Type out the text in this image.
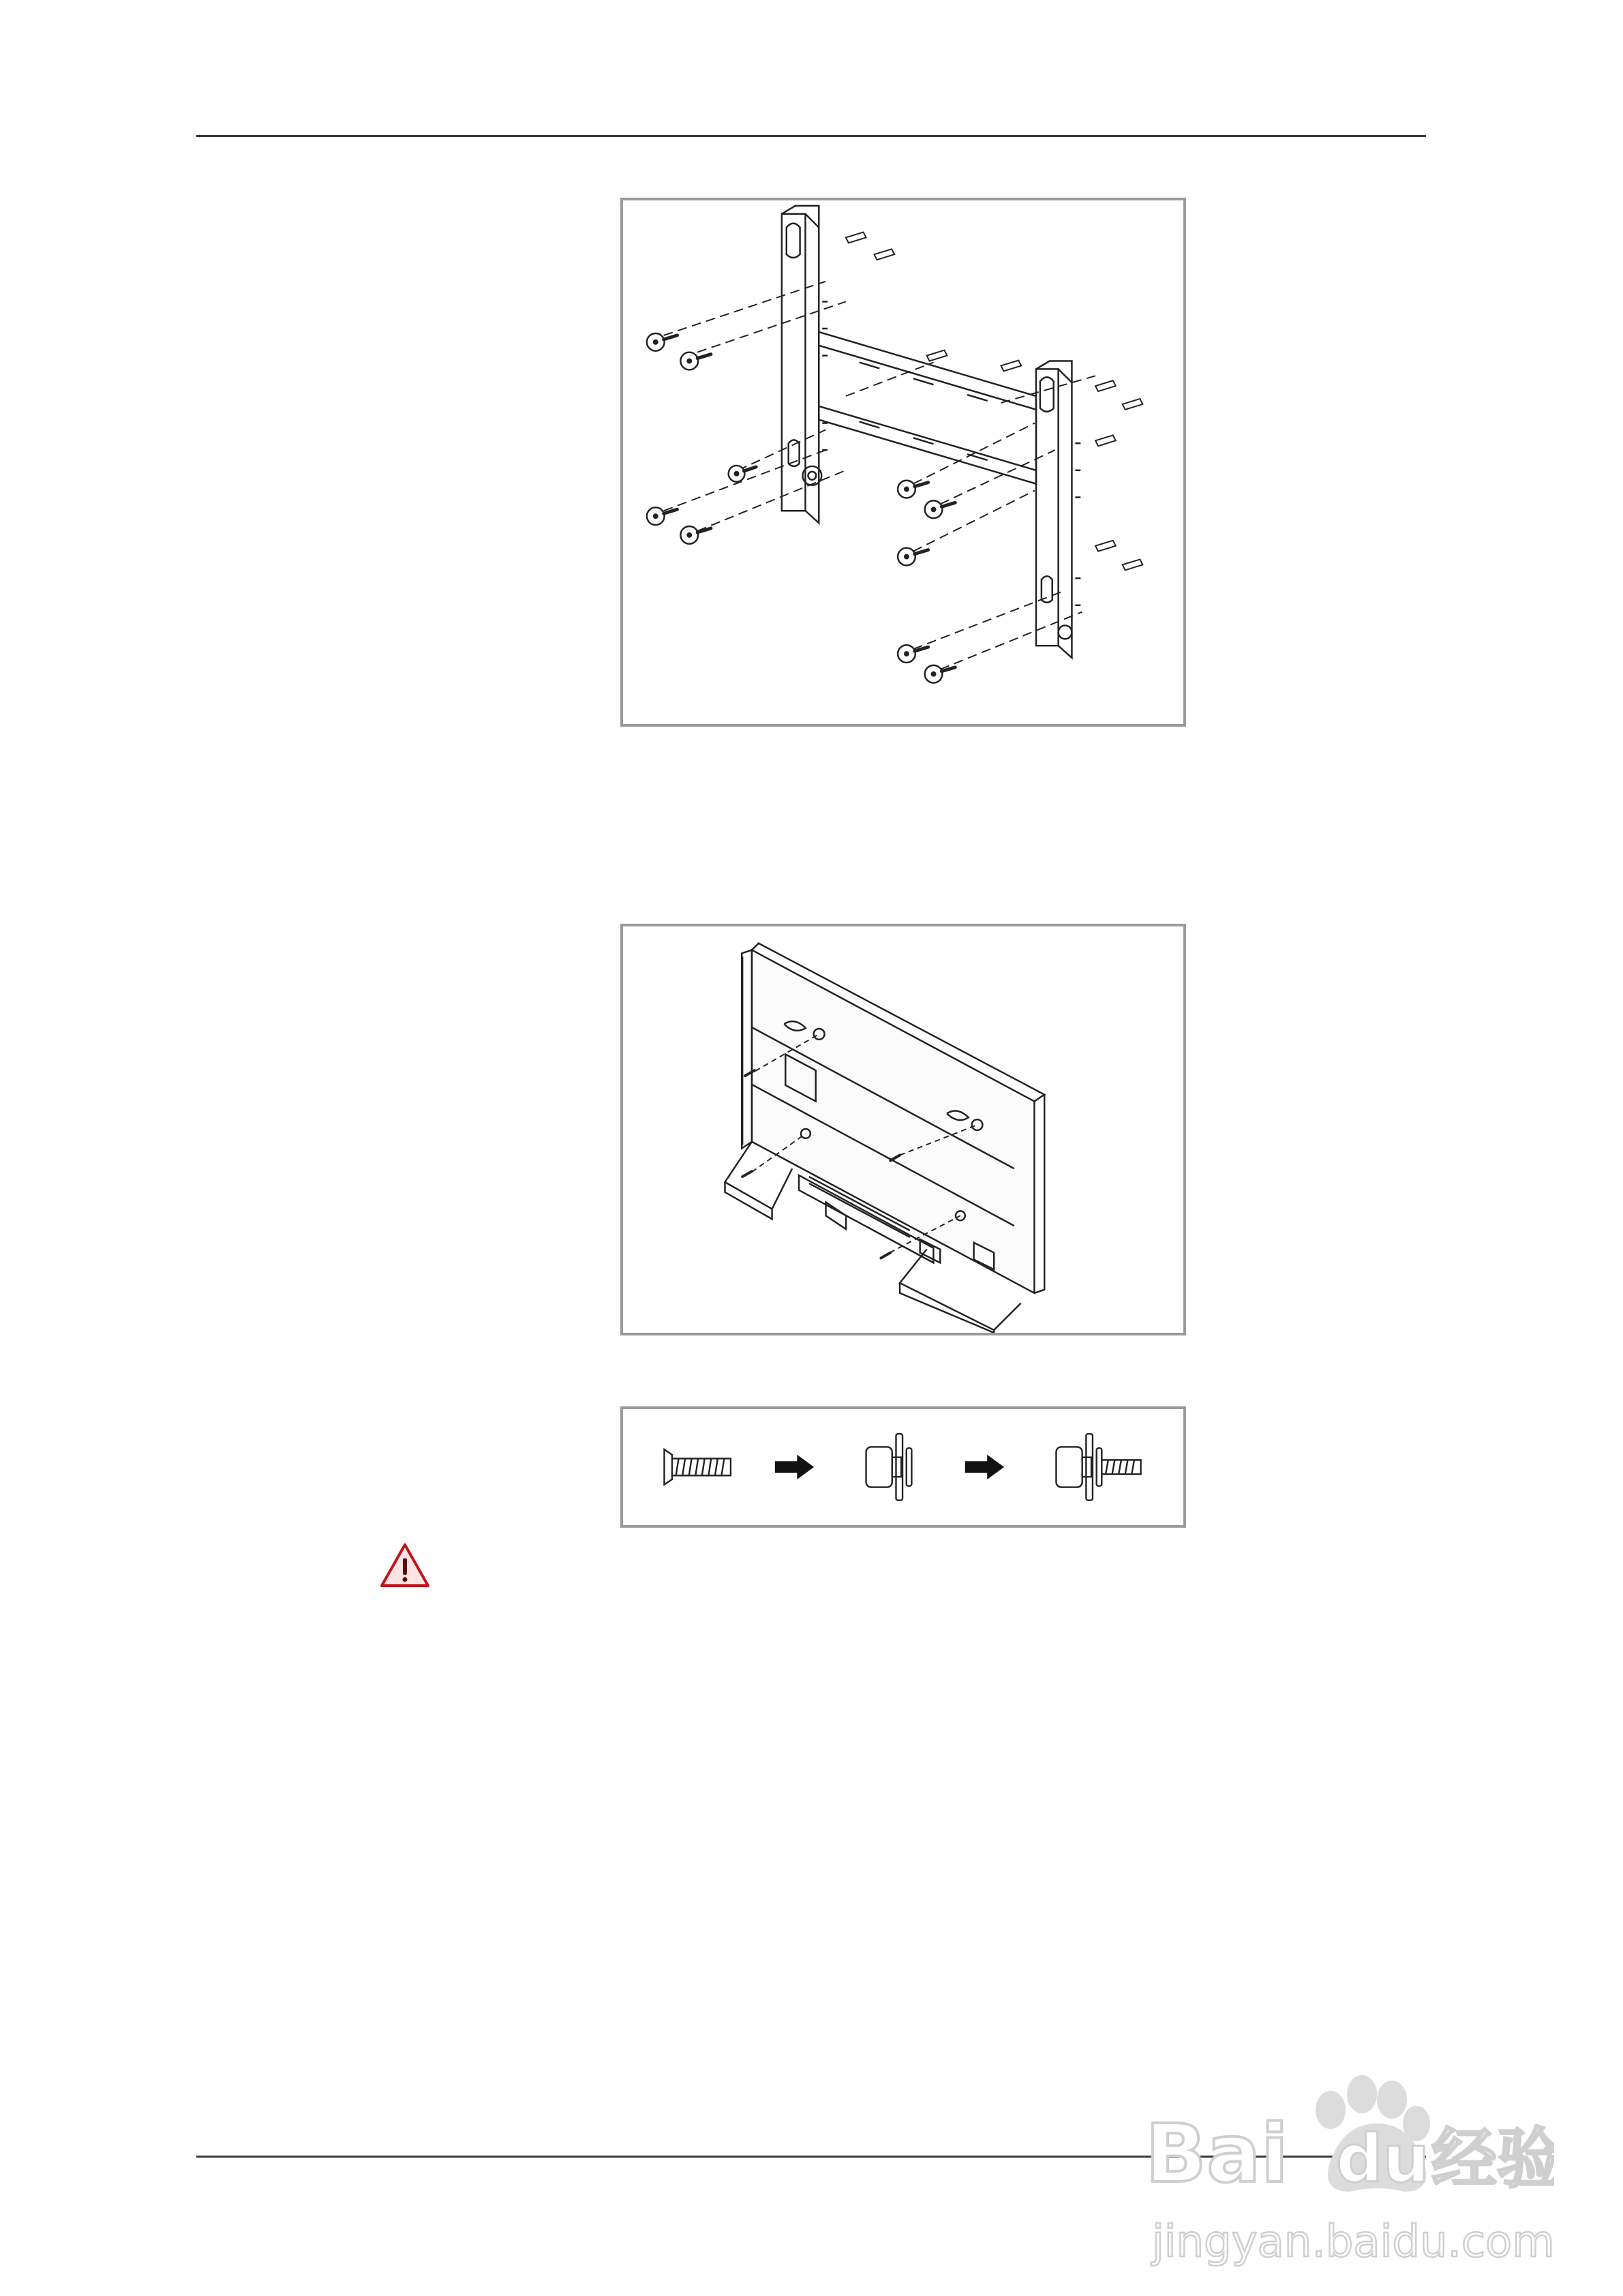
Bai du 经验
jingyan.baidu.com
